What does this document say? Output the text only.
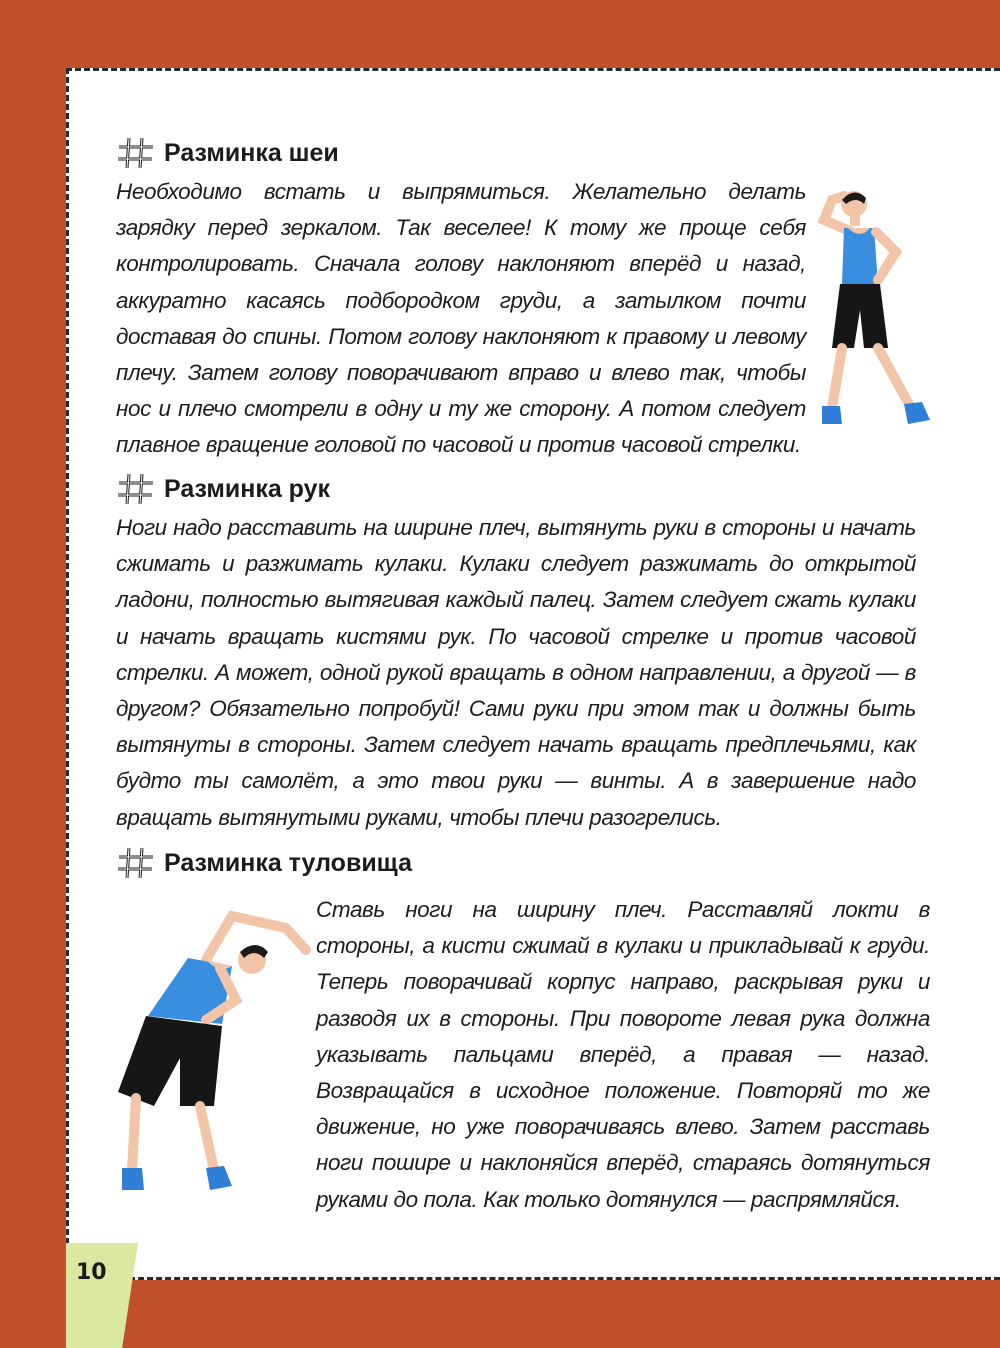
Разминка шеи
Необходимо встать и выпрямиться. Желательно делать зарядку перед зеркалом. Так веселее! К тому же проще себя контролировать. Сначала голову наклоняют вперёд и назад, аккуратно касаясь подбородком груди, а затылком почти доставая до спины. Потом голову наклоняют к правому и левому плечу. Затем голову поворачивают вправо и влево так, чтобы нос и плечо смотрели в одну и ту же сторону. А потом следует плавное вращение головой по часовой и против часовой стрелки.
Разминка рук
Ноги надо расставить на ширине плеч, вытянуть руки в стороны и начать сжимать и разжимать кулаки. Кулаки следует разжимать до открытой ладони, полностью вытягивая каждый палец. Затем следует сжать кулаки и начать вращать кистями рук. По часовой стрелке и против часовой стрелки. А может, одной рукой вращать в одном направлении, а другой — в другом? Обязательно попробуй! Сами руки при этом так и должны быть вытянуты в стороны. Затем следует начать вращать предплечьями, как будто ты самолёт, а это твои руки — винты. А в завершение надо вращать вытянутыми руками, чтобы плечи разогрелись.
Разминка туловища
Ставь ноги на ширину плеч. Расставляй локти в стороны, а кисти сжимай в кулаки и прикладывай к груди. Теперь поворачивай корпус направо, раскрывая руки и разводя их в стороны. При повороте левая рука должна указывать пальцами вперёд, а правая — назад. Возвращайся в исходное положение. Повторяй то же движение, но уже поворачиваясь влево. Затем расставь ноги пошире и наклоняйся вперёд, стараясь дотянуться руками до пола. Как только дотянулся — распрямляйся.
10
